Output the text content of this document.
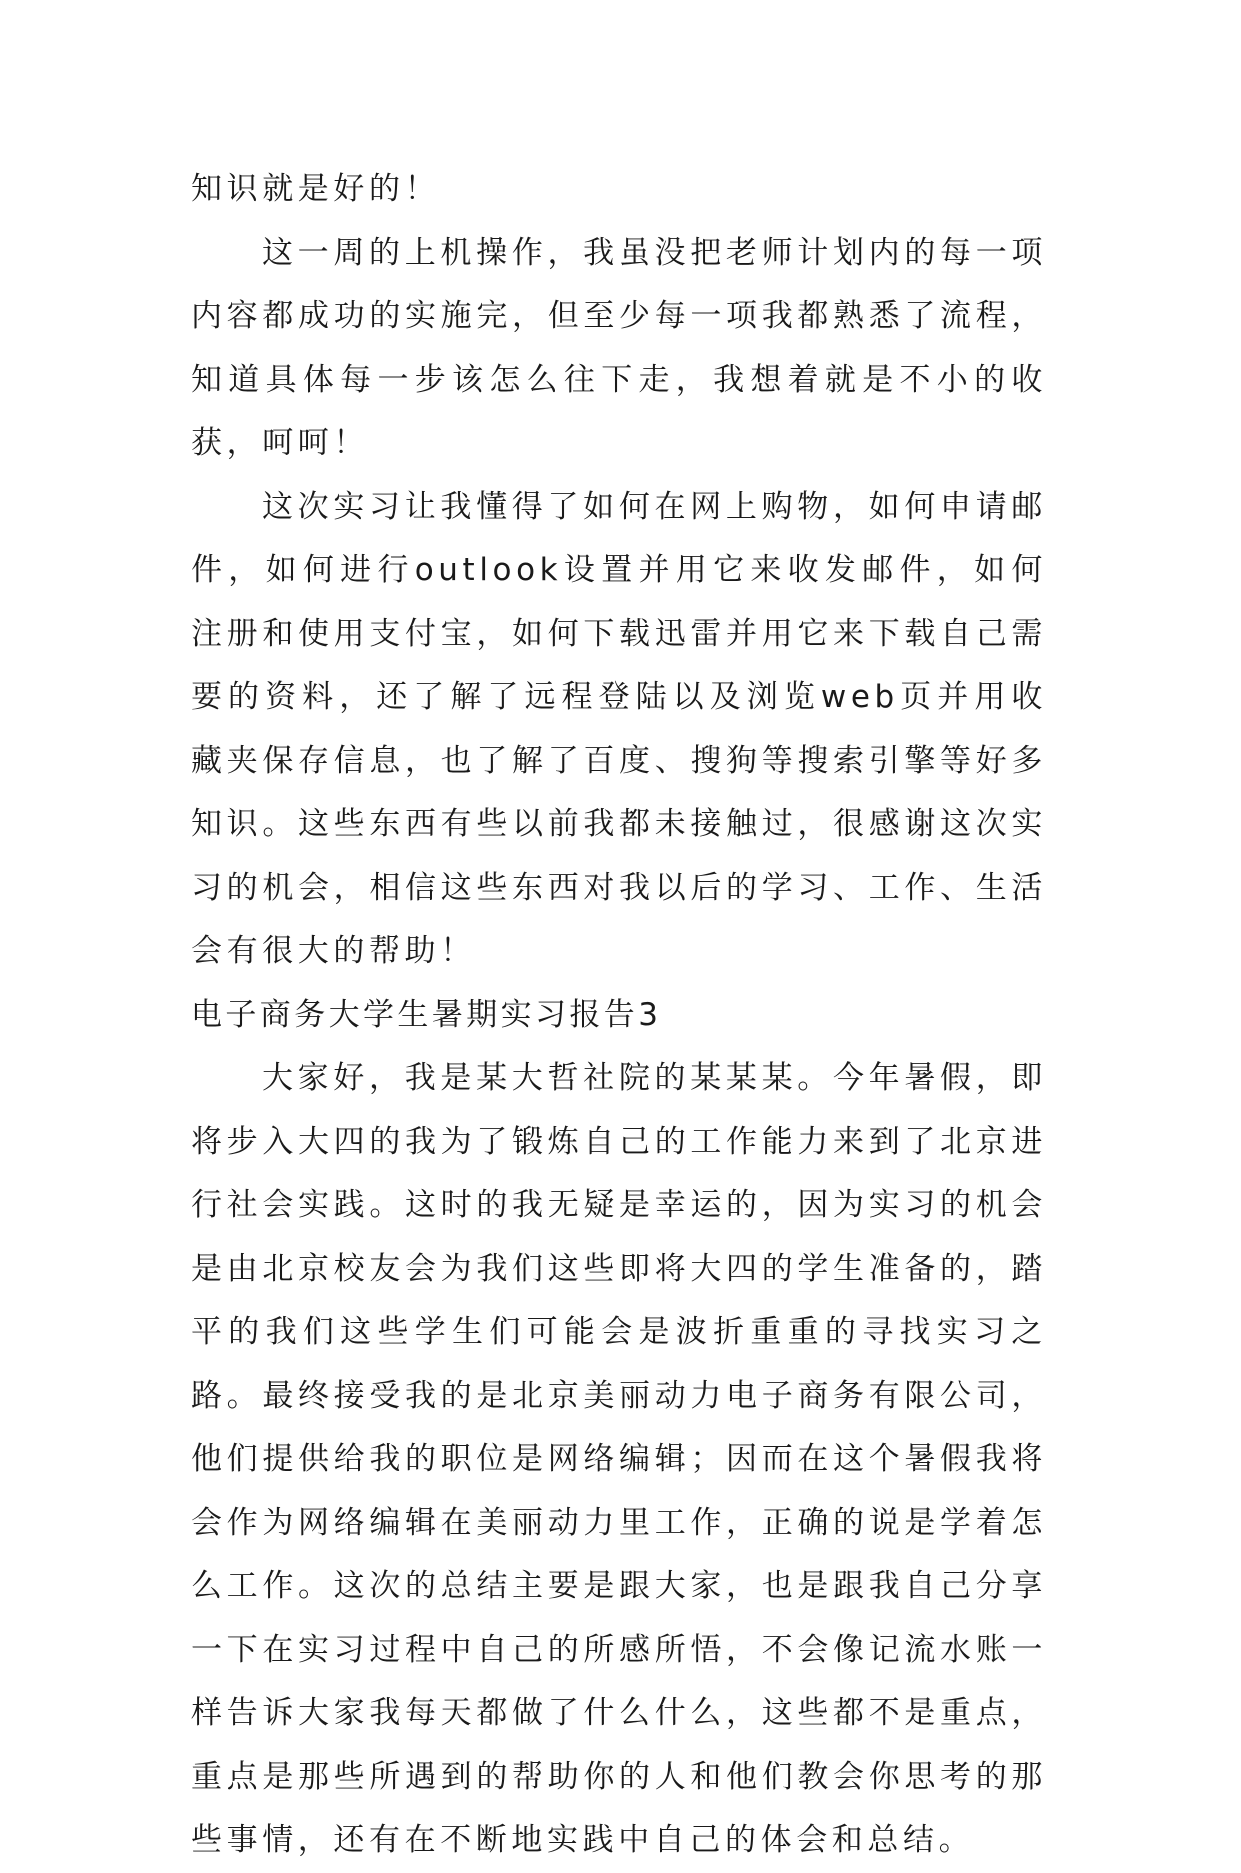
知识就是好的！

这一周的上机操作，我虽没把老师计划内的每一项内容都成功的实施完，但至少每一项我都熟悉了流程，知道具体每一步该怎么往下走，我想着就是不小的收获，呵呵！

这次实习让我懂得了如何在网上购物，如何申请邮件，如何进行outlook设置并用它来收发邮件，如何注册和使用支付宝，如何下载迅雷并用它来下载自己需要的资料，还了解了远程登陆以及浏览web页并用收藏夹保存信息，也了解了百度、搜狗等搜索引擎等好多知识。这些东西有些以前我都未接触过，很感谢这次实习的机会，相信这些东西对我以后的学习、工作、生活会有很大的帮助！

电子商务大学生暑期实习报告3

大家好，我是某大哲社院的某某某。今年暑假，即将步入大四的我为了锻炼自己的工作能力来到了北京进行社会实践。这时的我无疑是幸运的，因为实习的机会是由北京校友会为我们这些即将大四的学生准备的，踏平的我们这些学生们可能会是波折重重的寻找实习之路。最终接受我的是北京美丽动力电子商务有限公司，他们提供给我的职位是网络编辑；因而在这个暑假我将会作为网络编辑在美丽动力里工作，正确的说是学着怎么工作。这次的总结主要是跟大家，也是跟我自己分享一下在实习过程中自己的所感所悟，不会像记流水账一样告诉大家我每天都做了什么什么，这些都不是重点，重点是那些所遇到的帮助你的人和他们教会你思考的那些事情，还有在不断地实践中自己的体会和总结。
